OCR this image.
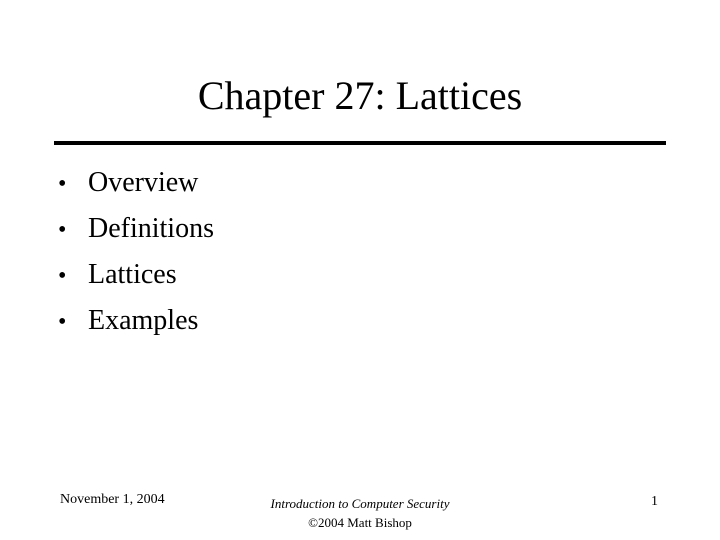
Chapter 27: Lattices
• Overview
• Definitions
• Lattices
• Examples
November 1, 2004	Introduction to Computer Security
©2004 Matt Bishop
1
